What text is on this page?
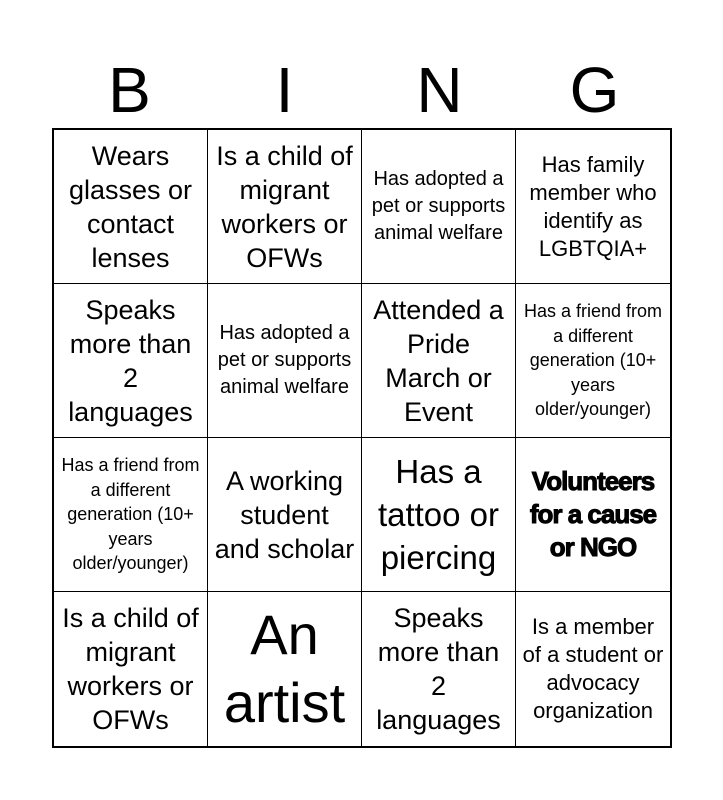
B	I	N	G
Wears glasses or contact lenses
Is a child of migrant workers or OFWs
Has adopted a pet or supports animal welfare
Has family member who identify as LGBTQIA+
Speaks more than 2 languages
Has adopted a pet or supports animal welfare
Attended a Pride March or Event
Has a friend from a different generation (10+ years older/younger)
Has a friend from a different generation (10+ years older/younger)
A working student and scholar
Has a tattoo or piercing
Volunteers for a cause or NGO
Is a child of migrant workers or OFWs
An artist
Speaks more than 2 languages
Is a member of a student or advocacy organization
